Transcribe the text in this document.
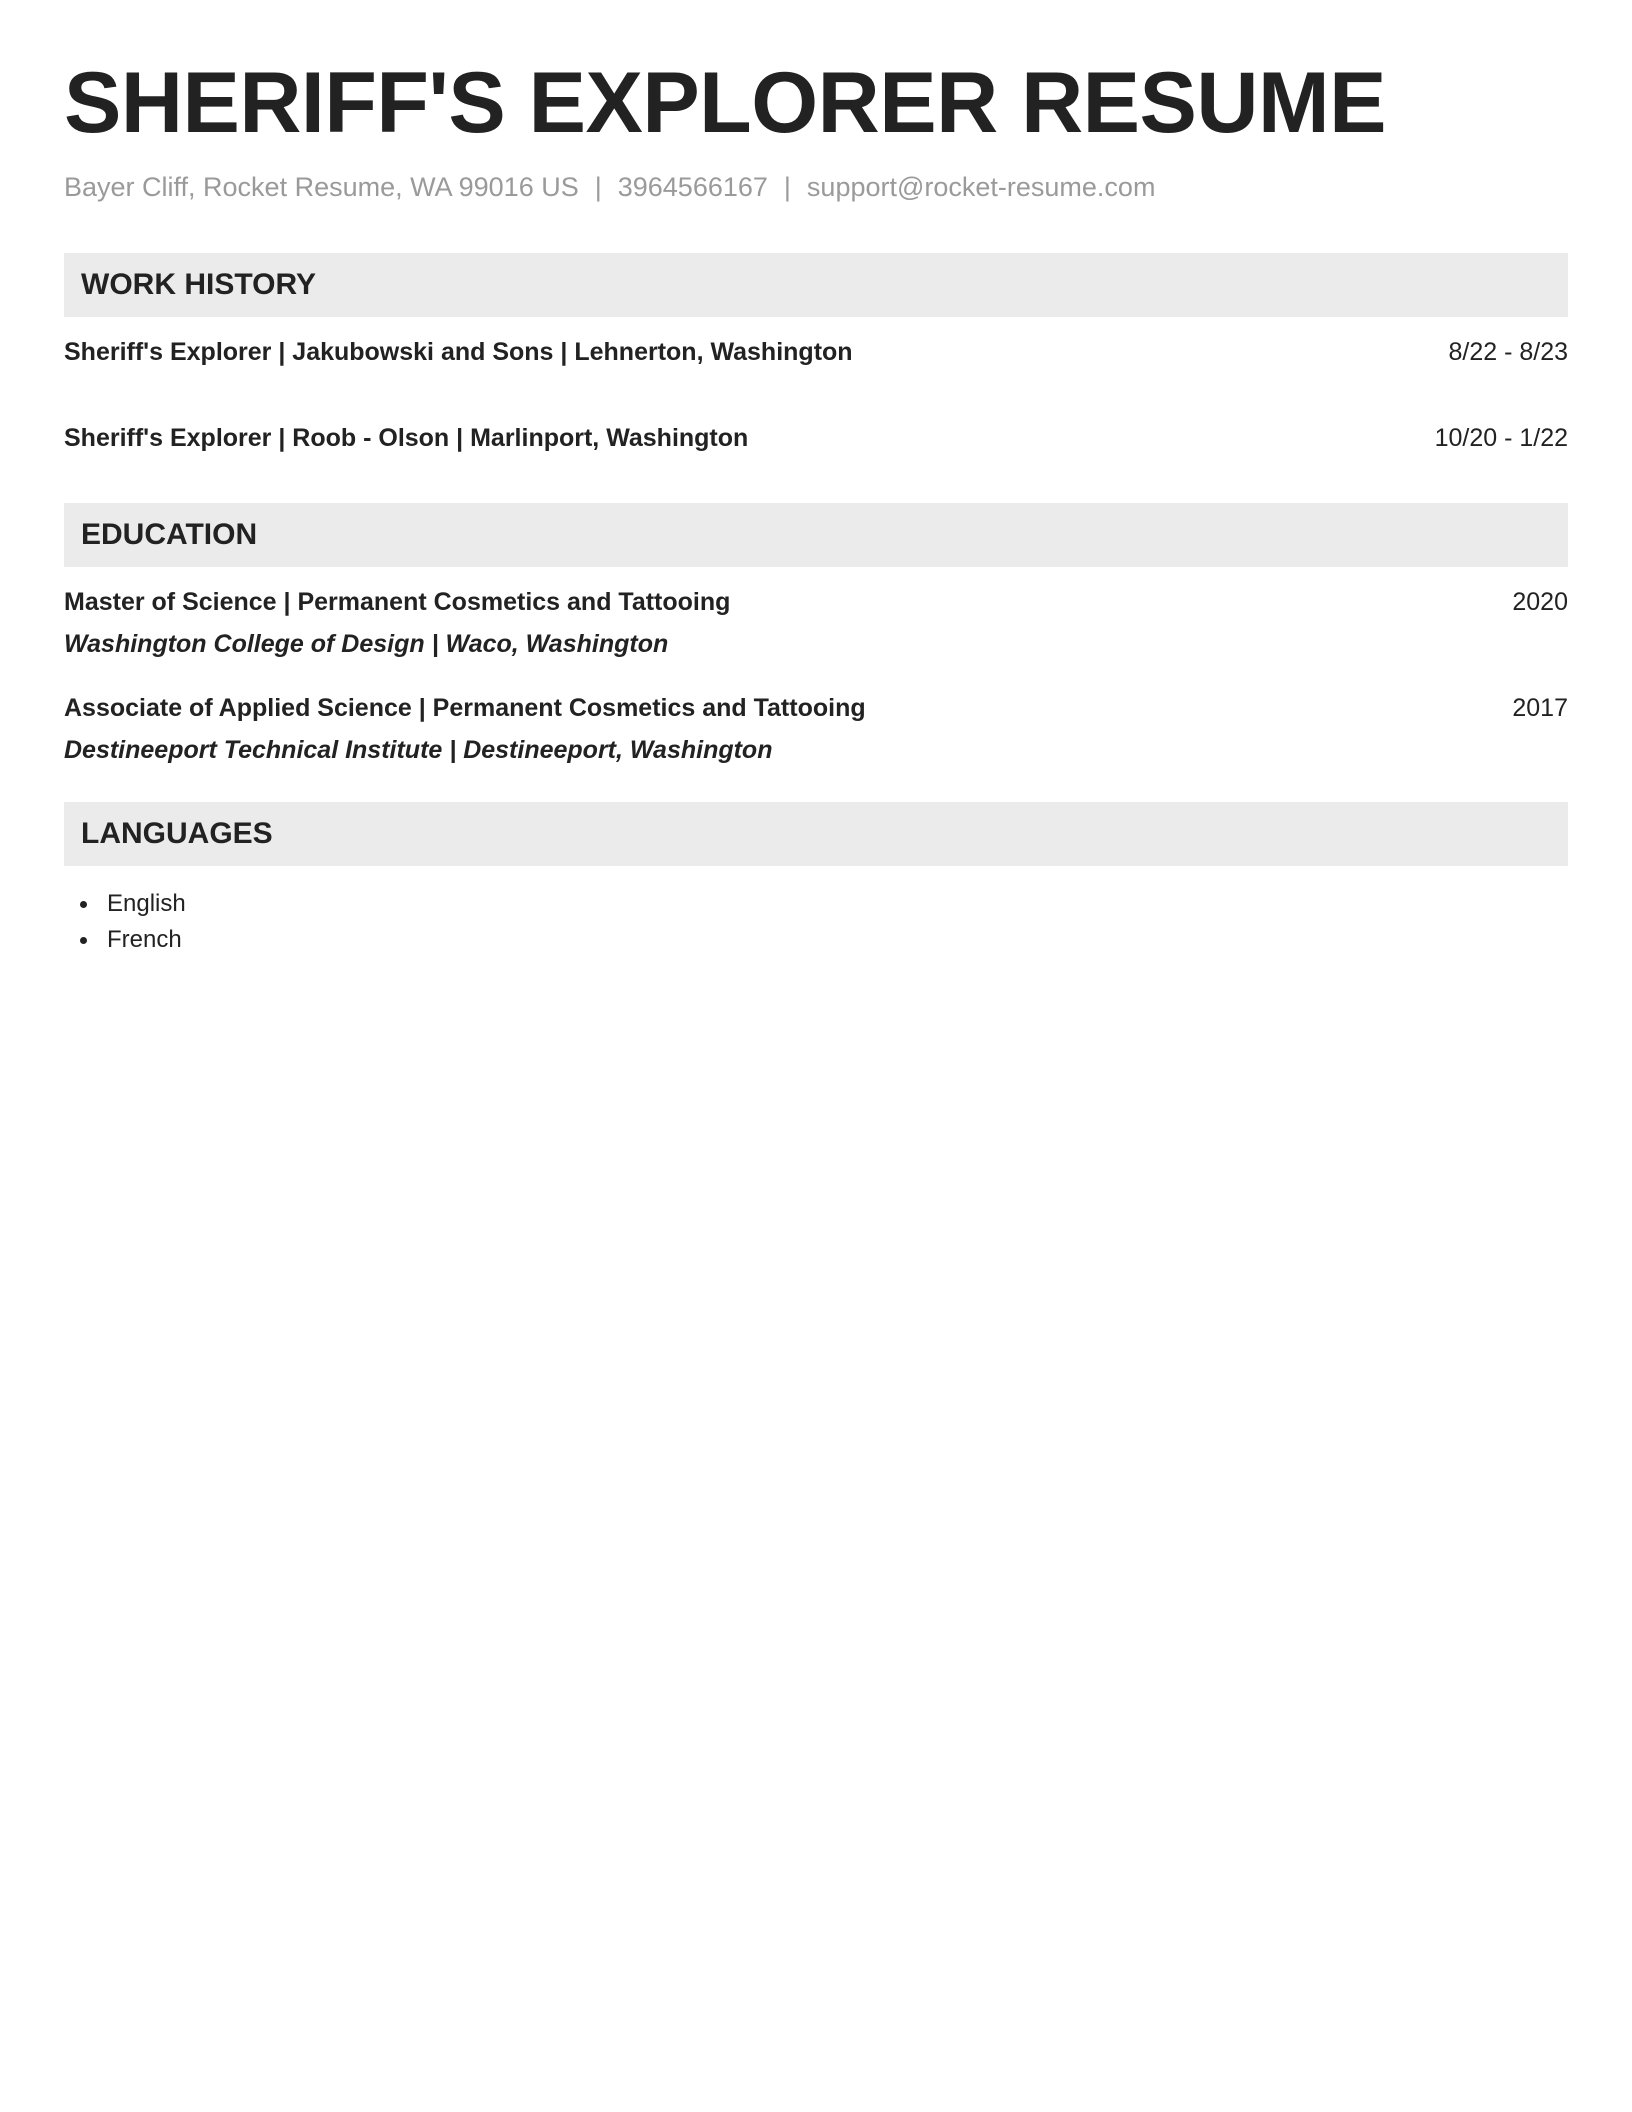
SHERIFF'S EXPLORER RESUME
Bayer Cliff, Rocket Resume, WA 99016 US | 3964566167 | support@rocket-resume.com
WORK HISTORY
Sheriff's Explorer | Jakubowski and Sons | Lehnerton, Washington	8/22 - 8/23
Sheriff's Explorer | Roob - Olson | Marlinport, Washington	10/20 - 1/22
EDUCATION
Master of Science | Permanent Cosmetics and Tattooing	2020
Washington College of Design | Waco, Washington
Associate of Applied Science | Permanent Cosmetics and Tattooing	2017
Destineeport Technical Institute | Destineeport, Washington
LANGUAGES
English
French
